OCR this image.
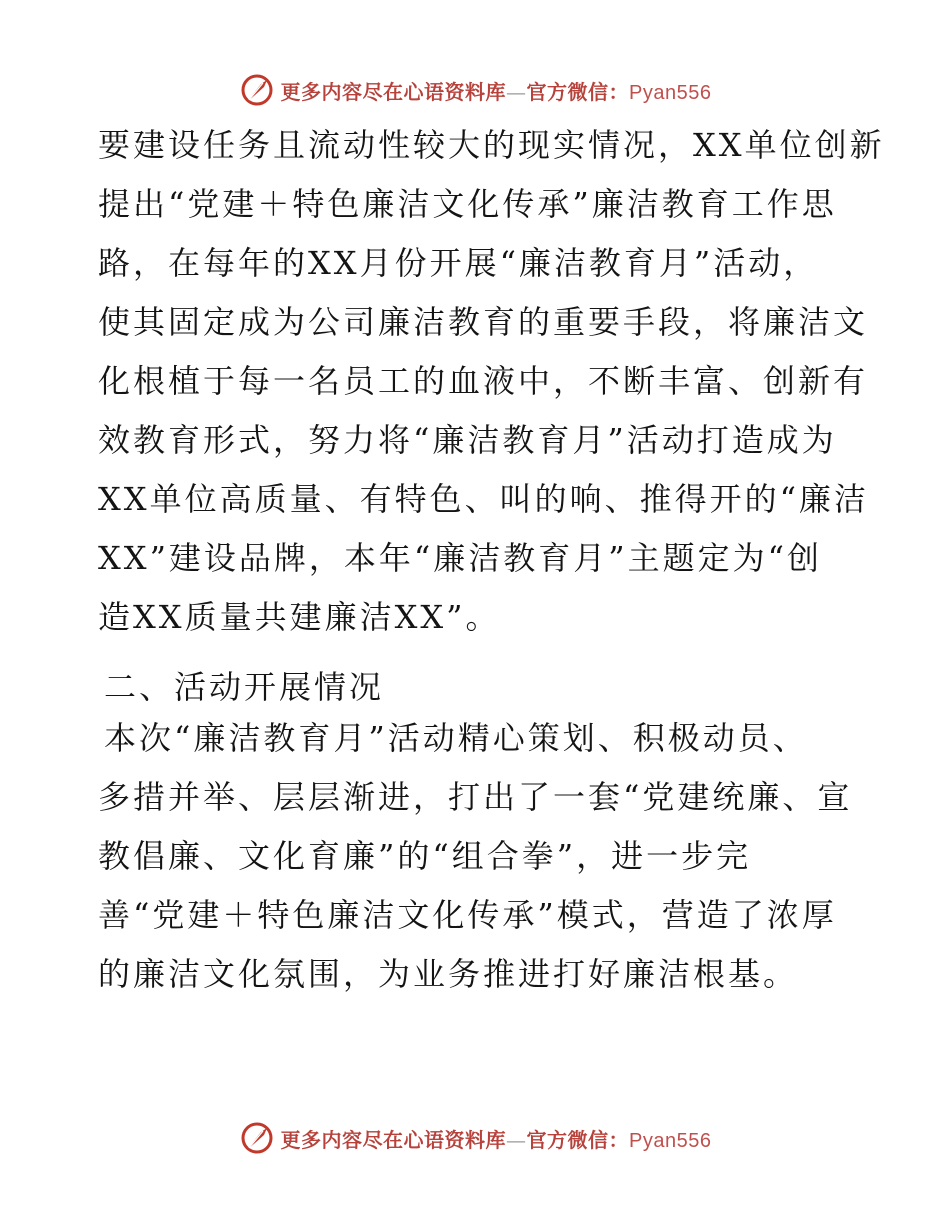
更多内容尽在心语资料库—官方微信：Pyan556
要建设任务且流动性较大的现实情况，XX单位创新
提出“党建＋特色廉洁文化传承”廉洁教育工作思
路，在每年的XX月份开展“廉洁教育月”活动，
使其固定成为公司廉洁教育的重要手段，将廉洁文
化根植于每一名员工的血液中，不断丰富、创新有
效教育形式，努力将“廉洁教育月”活动打造成为
XX单位高质量、有特色、叫的响、推得开的“廉洁
XX”建设品牌，本年“廉洁教育月”主题定为“创
造XX质量共建廉洁XX”。
二、活动开展情况
本次“廉洁教育月”活动精心策划、积极动员、
多措并举、层层渐进，打出了一套“党建统廉、宣
教倡廉、文化育廉”的“组合拳”，进一步完
善“党建＋特色廉洁文化传承”模式，营造了浓厚
的廉洁文化氛围，为业务推进打好廉洁根基。
更多内容尽在心语资料库—官方微信：Pyan556
